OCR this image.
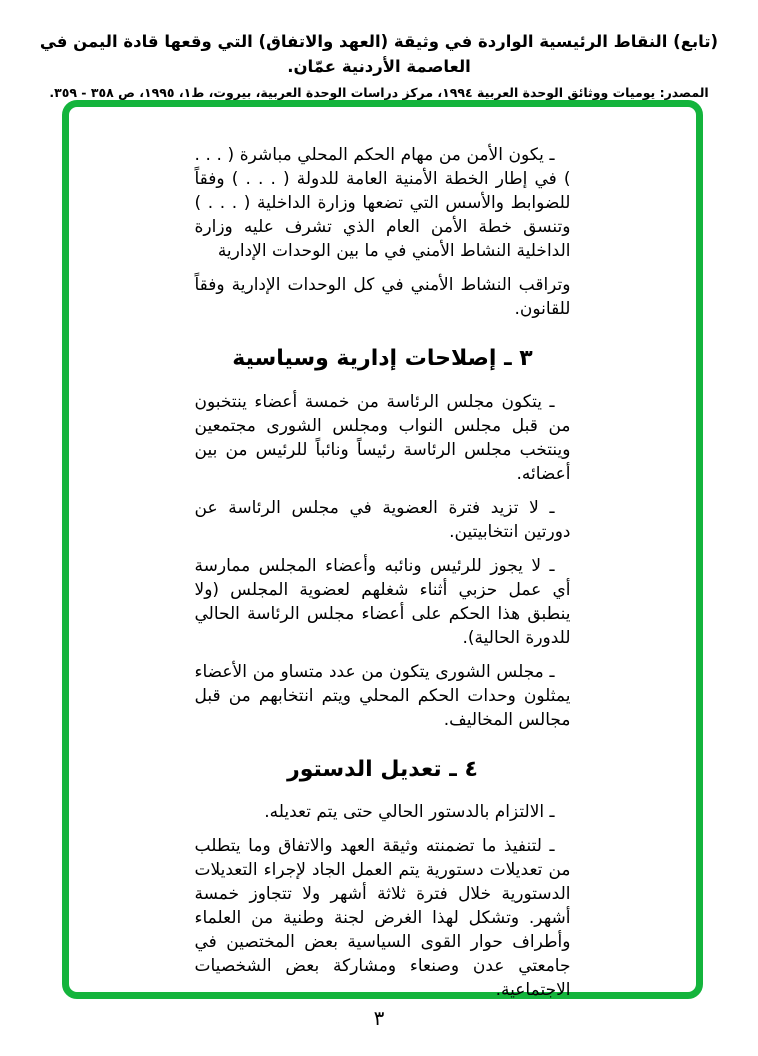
(تابع) النقاط الرئيسية الواردة في وثيقة (العهد والاتفاق) التي وقعها قادة اليمن في العاصمة الأردنية عمّان.
المصدر: يوميات ووثائق الوحدة العربية ١٩٩٤، مركز دراسات الوحدة العربية، بيروت، ط١، ١٩٩٥، ص ٣٥٨ - ٣٥٩.
ـ يكون الأمن من مهام الحكم المحلي مباشرة ( . . . ) في إطار الخطة الأمنية العامة للدولة ( . . . ) وفقاً للضوابط والأسس التي تضعها وزارة الداخلية ( . . . ) وتنسق خطة الأمن العام الذي تشرف عليه وزارة الداخلية النشاط الأمني في ما بين الوحدات الإدارية
وتراقب النشاط الأمني في كل الوحدات الإدارية وفقاً للقانون.
٣ ـ إصلاحات إدارية وسياسية
ـ يتكون مجلس الرئاسة من خمسة أعضاء ينتخبون من قبل مجلس النواب ومجلس الشورى مجتمعين وينتخب مجلس الرئاسة رئيساً ونائباً للرئيس من بين أعضائه.
ـ لا تزيد فترة العضوية في مجلس الرئاسة عن دورتين انتخابيتين.
ـ لا يجوز للرئيس ونائبه وأعضاء المجلس ممارسة أي عمل حزبي أثناء شغلهم لعضوية المجلس (ولا ينطبق هذا الحكم على أعضاء مجلس الرئاسة الحالي للدورة الحالية).
ـ مجلس الشورى يتكون من عدد متساو من الأعضاء يمثلون وحدات الحكم المحلي ويتم انتخابهم من قبل مجالس المخاليف.
٤ ـ تعديل الدستور
ـ الالتزام بالدستور الحالي حتى يتم تعديله.
ـ لتنفيذ ما تضمنته وثيقة العهد والاتفاق وما يتطلب من تعديلات دستورية يتم العمل الجاد لإجراء التعديلات الدستورية خلال فترة ثلاثة أشهر ولا تتجاوز خمسة أشهر. وتشكل لهذا الغرض لجنة وطنية من العلماء وأطراف حوار القوى السياسية بعض المختصين في جامعتي عدن وصنعاء ومشاركة بعض الشخصيات الاجتماعية.
٣
